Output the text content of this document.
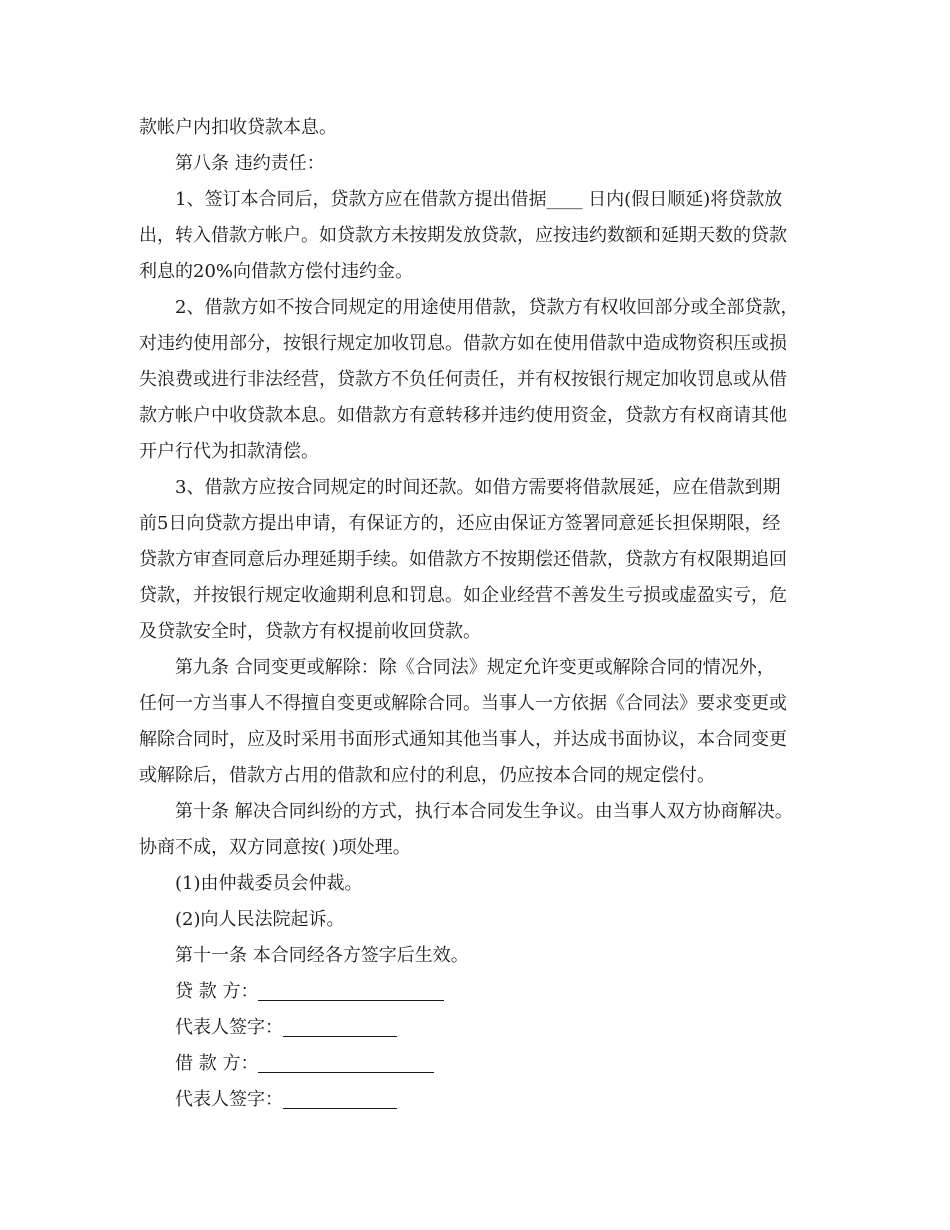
款帐户内扣收贷款本息。
第八条 违约责任：
1、签订本合同后，贷款方应在借款方提出借据____ 日内(假日顺延)将贷款放
出，转入借款方帐户。如贷款方未按期发放贷款，应按违约数额和延期天数的贷款
利息的20%向借款方偿付违约金。
2、借款方如不按合同规定的用途使用借款，贷款方有权收回部分或全部贷款，
对违约使用部分，按银行规定加收罚息。借款方如在使用借款中造成物资积压或损
失浪费或进行非法经营，贷款方不负任何责任，并有权按银行规定加收罚息或从借
款方帐户中收贷款本息。如借款方有意转移并违约使用资金，贷款方有权商请其他
开户行代为扣款清偿。
3、借款方应按合同规定的时间还款。如借方需要将借款展延，应在借款到期
前5日向贷款方提出申请，有保证方的，还应由保证方签署同意延长担保期限，经
贷款方审查同意后办理延期手续。如借款方不按期偿还借款，贷款方有权限期追回
贷款，并按银行规定收逾期利息和罚息。如企业经营不善发生亏损或虚盈实亏，危
及贷款安全时，贷款方有权提前收回贷款。
第九条 合同变更或解除：除《合同法》规定允许变更或解除合同的情况外，
任何一方当事人不得擅自变更或解除合同。当事人一方依据《合同法》要求变更或
解除合同时，应及时采用书面形式通知其他当事人，并达成书面协议，本合同变更
或解除后，借款方占用的借款和应付的利息，仍应按本合同的规定偿付。
第十条 解决合同纠纷的方式，执行本合同发生争议。由当事人双方协商解决。
协商不成，双方同意按( )项处理。
(1)由仲裁委员会仲裁。
(2)向人民法院起诉。
第十一条 本合同经各方签字后生效。
贷 款 方：
代表人签字：
借 款 方：
代表人签字：
